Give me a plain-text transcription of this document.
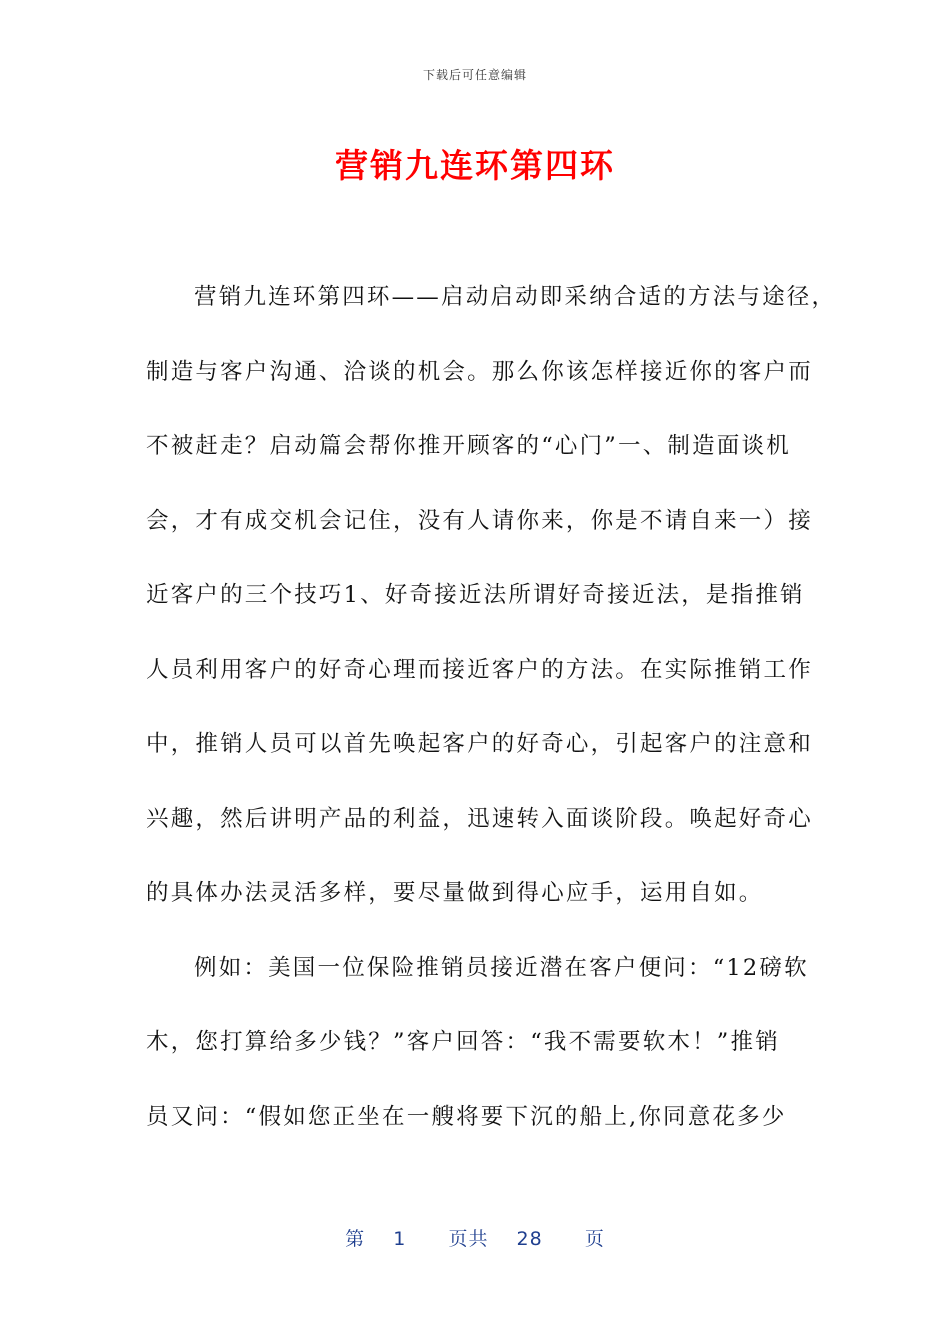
下载后可任意编辑
营销九连环第四环
营销九连环第四环——启动启动即采纳合适的方法与途径，
制造与客户沟通、洽谈的机会。那么你该怎样接近你的客户而
不被赶走？启动篇会帮你推开顾客的“心门”一、制造面谈机
会，才有成交机会记住，没有人请你来，你是不请自来一）接
近客户的三个技巧1、好奇接近法所谓好奇接近法，是指推销
人员利用客户的好奇心理而接近客户的方法。在实际推销工作
中，推销人员可以首先唤起客户的好奇心，引起客户的注意和
兴趣，然后讲明产品的利益，迅速转入面谈阶段。唤起好奇心
的具体办法灵活多样，要尽量做到得心应手，运用自如。
例如：美国一位保险推销员接近潜在客户便问：“12磅软
木，您打算给多少钱？”客户回答：“我不需要软木！”推销
员又问：“假如您正坐在一艘将要下沉的船上,你同意花多少
第 1 页共 28 页
